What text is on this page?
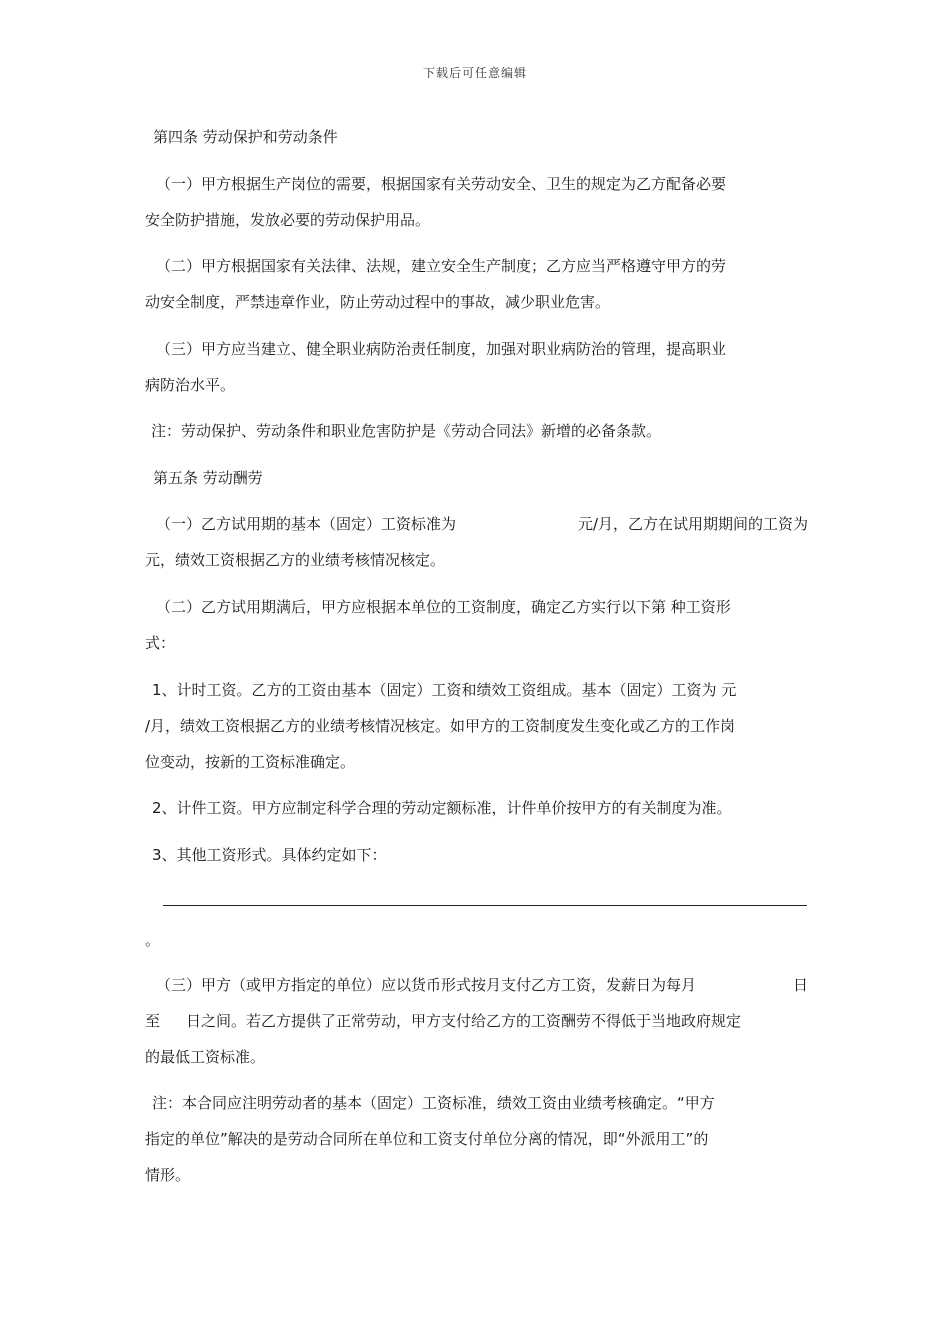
下载后可任意编辑
第四条 劳动保护和劳动条件
（一）甲方根据生产岗位的需要，根据国家有关劳动安全、卫生的规定为乙方配备必要
安全防护措施，发放必要的劳动保护用品。
（二）甲方根据国家有关法律、法规，建立安全生产制度；乙方应当严格遵守甲方的劳
动安全制度，严禁违章作业，防止劳动过程中的事故，减少职业危害。
（三）甲方应当建立、健全职业病防治责任制度，加强对职业病防治的管理，提高职业
病防治水平。
注：劳动保护、劳动条件和职业危害防护是《劳动合同法》新增的必备条款。
第五条 劳动酬劳
（一）乙方试用期的基本（固定）工资标准为	元/月，乙方在试用期期间的工资为
元，绩效工资根据乙方的业绩考核情况核定。
（二）乙方试用期满后，甲方应根据本单位的工资制度，确定乙方实行以下第 种工资形
式：
1、计时工资。乙方的工资由基本（固定）工资和绩效工资组成。基本（固定）工资为 元
/月，绩效工资根据乙方的业绩考核情况核定。如甲方的工资制度发生变化或乙方的工作岗
位变动，按新的工资标准确定。
2、计件工资。甲方应制定科学合理的劳动定额标准，计件单价按甲方的有关制度为准。
3、其他工资形式。具体约定如下：
。
（三）甲方（或甲方指定的单位）应以货币形式按月支付乙方工资，发薪日为每月	日
至 日之间。若乙方提供了正常劳动，甲方支付给乙方的工资酬劳不得低于当地政府规定
的最低工资标准。
注：本合同应注明劳动者的基本（固定）工资标准，绩效工资由业绩考核确定。“甲方
指定的单位”解决的是劳动合同所在单位和工资支付单位分离的情况，即“外派用工”的
情形。
